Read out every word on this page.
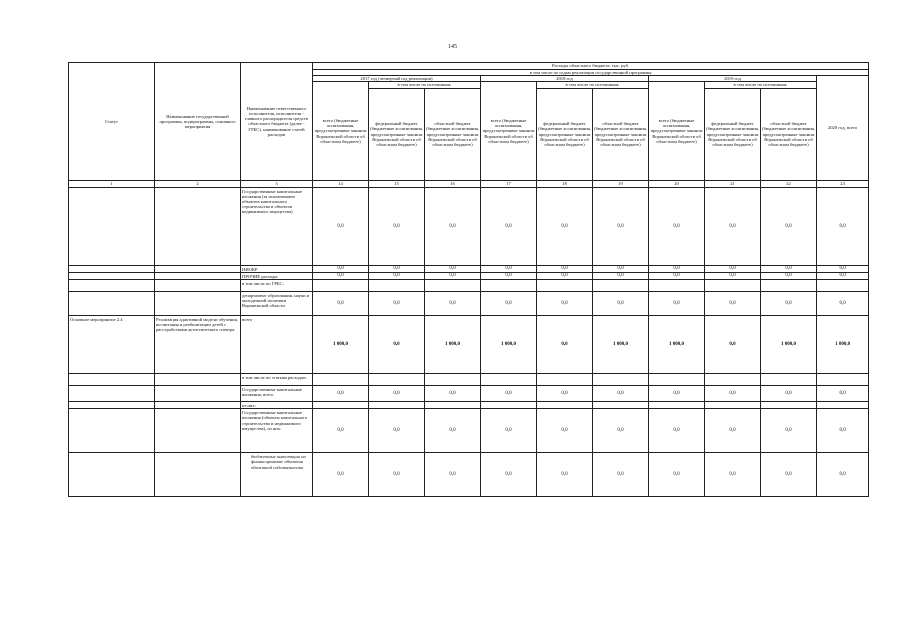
145
Статус	Наименование государственной программы, подпрограммы, основного мероприятия	Наименование ответственного исполнителя, исполнителя - главного распорядителя средств областного бюджета (далее - ГРБС), наименование статей расходов	Расходы областного бюджета, тыс. руб.									
			в том числе по годам реализации государственной программы									
			2017 год (четвертый год реализации)			2018 год			2019 год			2020 год, всего
			всего (бюджетные ассигнования, предусмотренные законом Воронежской области об областном бюджете)	в том числе по источникам:		всего (бюджетные ассигнования, предусмотренные законом Воронежской области об областном бюджете)	в том числе по источникам:		всего (бюджетные ассигнования, предусмотренные законом Воронежской области об областном бюджете)	в том числе по источникам:		
				федеральный бюджет (бюджетные ассигнования, предусмотренные законом Воронежской области об областном бюджете)	областной бюджет (бюджетные ассигнования, предусмотренные законом Воронежской области об областном бюджете)		федеральный бюджет (бюджетные ассигнования, предусмотренные законом Воронежской области об областном бюджете)	областной бюджет (бюджетные ассигнования, предусмотренные законом Воронежской области об областном бюджете)		федеральный бюджет (бюджетные ассигнования, предусмотренные законом Воронежской области об областном бюджете)	областной бюджет (бюджетные ассигнования, предусмотренные законом Воронежской области об областном бюджете)	
1	2	3	14	15	16	17	18	19	20	21	22	23
		Государственные капитальные вложения (за исключением объектов капитального строительства и объектов недвижимого имущества)	0,0	0,0	0,0	0,0	0,0	0,0	0,0	0,0	0,0	0,0
		НИОКР	0,0	0,0	0,0	0,0	0,0	0,0	0,0	0,0	0,0	0,0
		ПРОЧИЕ расходы	0,0	0,0	0,0	0,0	0,0	0,0	0,0	0,0	0,0	0,0
		в том числе по ГРБС:										
		департамент образования, науки и молодежной политики Воронежской области	0,0	0,0	0,0	0,0	0,0	0,0	0,0	0,0	0,0	0,0
Основное мероприятие 2.4	Реализация адаптивной модели обучения, воспитания и реабилитации детей с расстройствами аутистического спектра	всего	1 000,0	0,0	1 000,0	1 000,0	0,0	1 000,0	1 000,0	0,0	1 000,0	1 000,0
		в том числе по статьям расходов:										
		Государственные капитальные вложения, всего	0,0	0,0	0,0	0,0	0,0	0,0	0,0	0,0	0,0	0,0
		из них:										
		Государственные капитальные вложения (объекты капитального строительства и недвижимого имущества), из них:	0,0	0,0	0,0	0,0	0,0	0,0	0,0	0,0	0,0	0,0
		бюджетные инвестиции на финансирование объектов областной собственности	0,0	0,0	0,0	0,0	0,0	0,0	0,0	0,0	0,0	0,0
